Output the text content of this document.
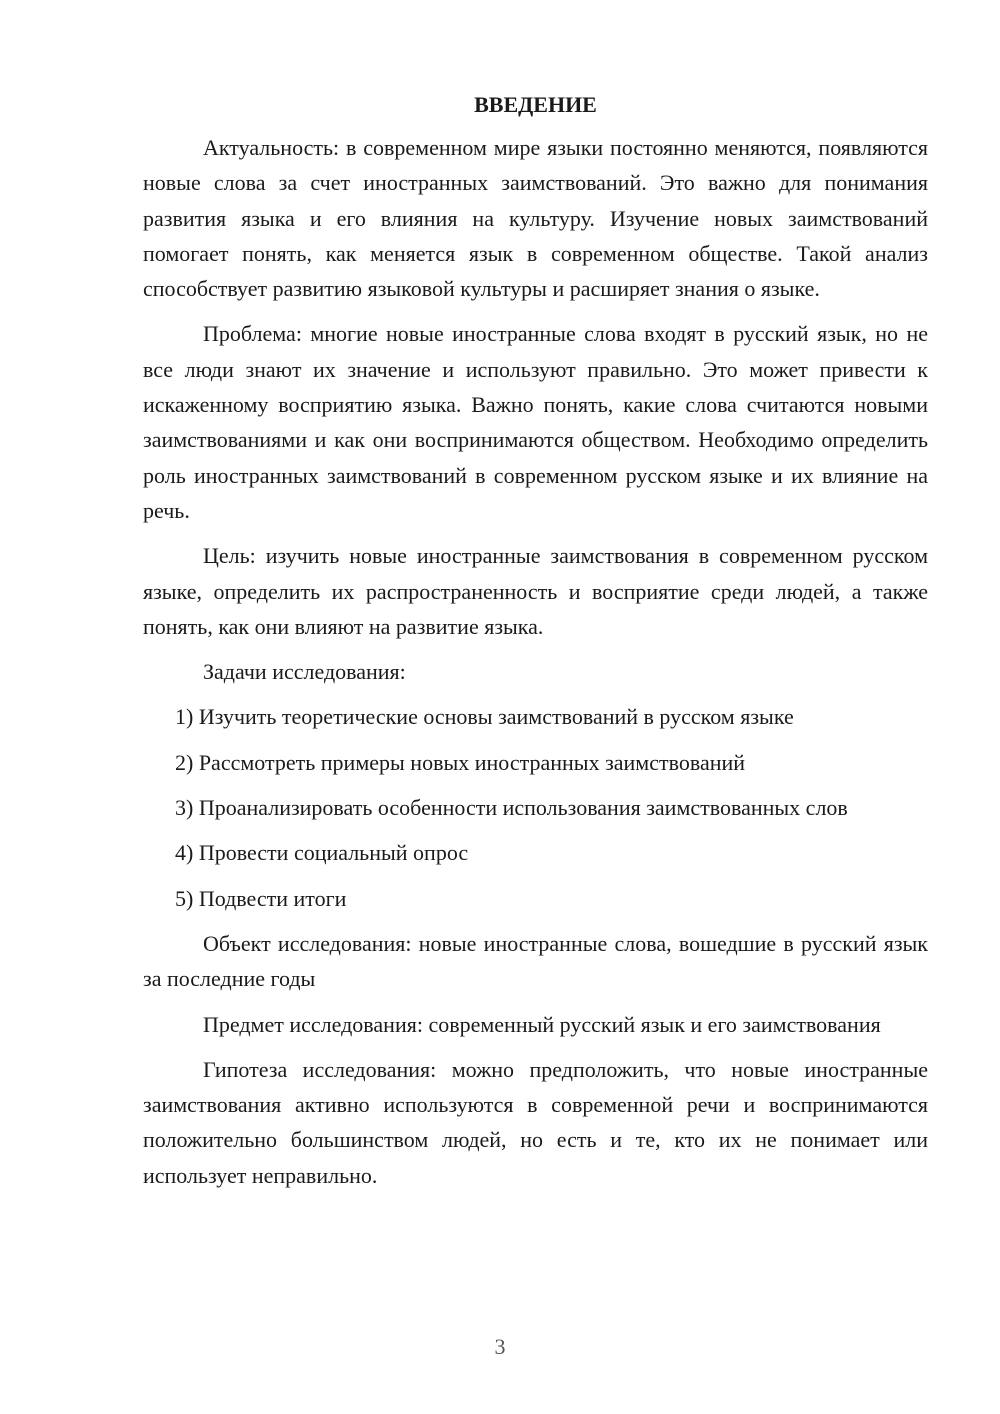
ВВЕДЕНИЕ

Актуальность: в современном мире языки постоянно меняются, появляются новые слова за счет иностранных заимствований. Это важно для понимания развития языка и его влияния на культуру. Изучение новых заимствований помогает понять, как меняется язык в современном обществе. Такой анализ способствует развитию языковой культуры и расширяет знания о языке.

Проблема: многие новые иностранные слова входят в русский язык, но не все люди знают их значение и используют правильно. Это может привести к искаженному восприятию языка. Важно понять, какие слова считаются новыми заимствованиями и как они воспринимаются обществом. Необходимо определить роль иностранных заимствований в современном русском языке и их влияние на речь.

Цель: изучить новые иностранные заимствования в современном русском языке, определить их распространенность и восприятие среди людей, а также понять, как они влияют на развитие языка.

Задачи исследования:

1) Изучить теоретические основы заимствований в русском языке

2) Рассмотреть примеры новых иностранных заимствований

3) Проанализировать особенности использования заимствованных слов

4) Провести социальный опрос

5) Подвести итоги

Объект исследования: новые иностранные слова, вошедшие в русский язык за последние годы

Предмет исследования: современный русский язык и его заимствования

Гипотеза исследования: можно предположить, что новые иностранные заимствования активно используются в современной речи и воспринимаются положительно большинством людей, но есть и те, кто их не понимает или использует неправильно.

3
